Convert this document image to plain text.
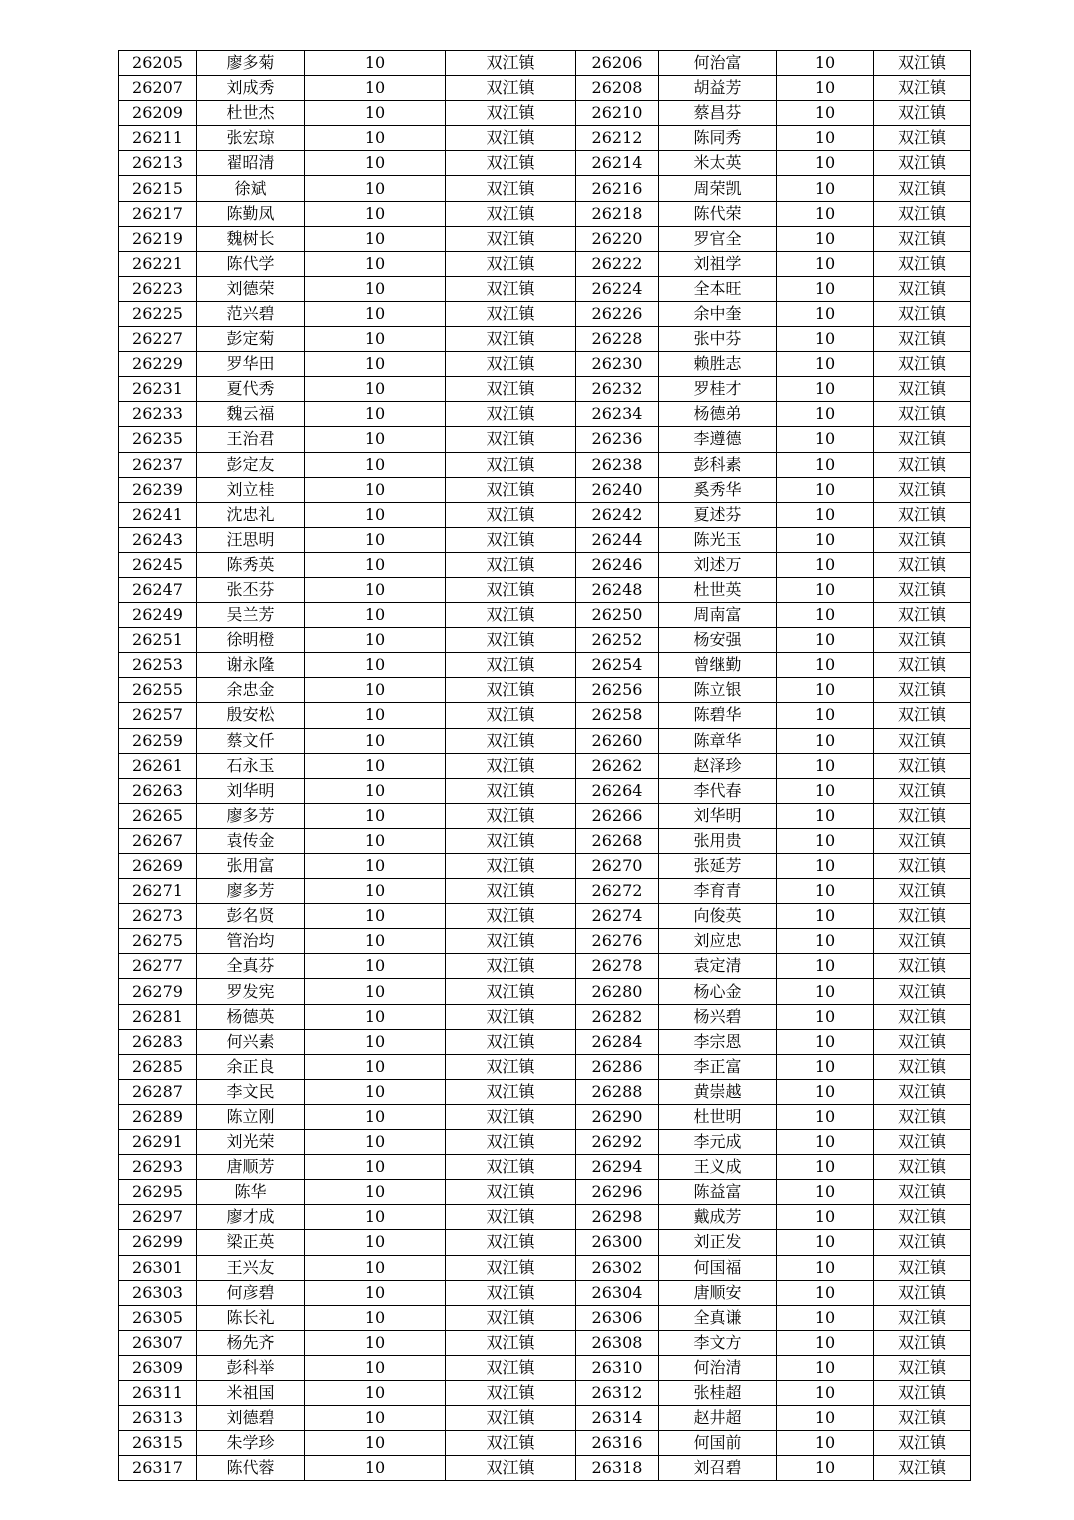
26205	廖多菊	10	双江镇	26206	何治富	10	双江镇
26207	刘成秀	10	双江镇	26208	胡益芳	10	双江镇
26209	杜世杰	10	双江镇	26210	蔡昌芬	10	双江镇
26211	张宏琼	10	双江镇	26212	陈同秀	10	双江镇
26213	翟昭清	10	双江镇	26214	米太英	10	双江镇
26215	徐斌	10	双江镇	26216	周荣凯	10	双江镇
26217	陈勤凤	10	双江镇	26218	陈代荣	10	双江镇
26219	魏树长	10	双江镇	26220	罗官全	10	双江镇
26221	陈代学	10	双江镇	26222	刘祖学	10	双江镇
26223	刘德荣	10	双江镇	26224	全本旺	10	双江镇
26225	范兴碧	10	双江镇	26226	余中奎	10	双江镇
26227	彭定菊	10	双江镇	26228	张中芬	10	双江镇
26229	罗华田	10	双江镇	26230	赖胜志	10	双江镇
26231	夏代秀	10	双江镇	26232	罗桂才	10	双江镇
26233	魏云福	10	双江镇	26234	杨德弟	10	双江镇
26235	王治君	10	双江镇	26236	李遵德	10	双江镇
26237	彭定友	10	双江镇	26238	彭科素	10	双江镇
26239	刘立桂	10	双江镇	26240	奚秀华	10	双江镇
26241	沈忠礼	10	双江镇	26242	夏述芬	10	双江镇
26243	汪思明	10	双江镇	26244	陈光玉	10	双江镇
26245	陈秀英	10	双江镇	26246	刘述万	10	双江镇
26247	张丕芬	10	双江镇	26248	杜世英	10	双江镇
26249	吴兰芳	10	双江镇	26250	周南富	10	双江镇
26251	徐明橙	10	双江镇	26252	杨安强	10	双江镇
26253	谢永隆	10	双江镇	26254	曾继勤	10	双江镇
26255	余忠金	10	双江镇	26256	陈立银	10	双江镇
26257	殷安松	10	双江镇	26258	陈碧华	10	双江镇
26259	蔡文仟	10	双江镇	26260	陈章华	10	双江镇
26261	石永玉	10	双江镇	26262	赵泽珍	10	双江镇
26263	刘华明	10	双江镇	26264	李代春	10	双江镇
26265	廖多芳	10	双江镇	26266	刘华明	10	双江镇
26267	袁传金	10	双江镇	26268	张用贵	10	双江镇
26269	张用富	10	双江镇	26270	张延芳	10	双江镇
26271	廖多芳	10	双江镇	26272	李育青	10	双江镇
26273	彭名贤	10	双江镇	26274	向俊英	10	双江镇
26275	管治均	10	双江镇	26276	刘应忠	10	双江镇
26277	全真芬	10	双江镇	26278	袁定清	10	双江镇
26279	罗发宪	10	双江镇	26280	杨心金	10	双江镇
26281	杨德英	10	双江镇	26282	杨兴碧	10	双江镇
26283	何兴素	10	双江镇	26284	李宗恩	10	双江镇
26285	余正良	10	双江镇	26286	李正富	10	双江镇
26287	李文民	10	双江镇	26288	黄崇越	10	双江镇
26289	陈立刚	10	双江镇	26290	杜世明	10	双江镇
26291	刘光荣	10	双江镇	26292	李元成	10	双江镇
26293	唐顺芳	10	双江镇	26294	王义成	10	双江镇
26295	陈华	10	双江镇	26296	陈益富	10	双江镇
26297	廖才成	10	双江镇	26298	戴成芳	10	双江镇
26299	梁正英	10	双江镇	26300	刘正发	10	双江镇
26301	王兴友	10	双江镇	26302	何国福	10	双江镇
26303	何彦碧	10	双江镇	26304	唐顺安	10	双江镇
26305	陈长礼	10	双江镇	26306	全真谦	10	双江镇
26307	杨先齐	10	双江镇	26308	李文方	10	双江镇
26309	彭科举	10	双江镇	26310	何治清	10	双江镇
26311	米祖国	10	双江镇	26312	张桂超	10	双江镇
26313	刘德碧	10	双江镇	26314	赵井超	10	双江镇
26315	朱学珍	10	双江镇	26316	何国前	10	双江镇
26317	陈代蓉	10	双江镇	26318	刘召碧	10	双江镇
